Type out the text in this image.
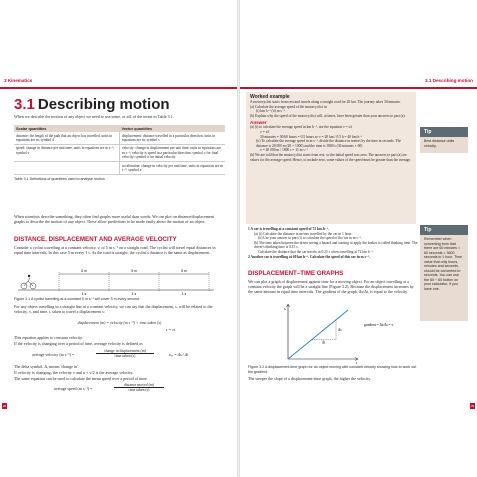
3 Kinematics
3.1 Describing motion
When we describe the motion of any object we need to use some, or all, of the terms in Table 3.1.
Scalar quantities	Vector quantities
distance: the length of the path that an object has travelled, units in equations are m; symbol d	displacement: distance travelled in a particular direction, units in equations are m; symbol s
speed: change in distance per unit time, units in equations are m s⁻¹; symbol v	velocity: change in displacement per unit time, units in equations are m s⁻¹; velocity is speed in a particular direction; symbol v for final velocity; symbol u for initial velocity
	acceleration: change in velocity per unit time, units in equations are m s⁻²; symbol a
Table 3.1 Definitions of quantities used to analyse motion
When scientists describe something, they often find graphs more useful than words. We can plot on distance/displacement graphs to describe the motion of any object. These allow predictions to be made easily about the motion of an object.
DISTANCE, DISPLACEMENT AND AVERAGE VELOCITY
Consider a cyclist travelling at a constant velocity, v, of 5 m s⁻¹ on a straight road. The cyclist will travel equal distances in equal time intervals. In this case 5 m every 1 s. As the road is straight, the cyclist's distance is the same as displacement.
5 m	5 m	5 m
1 s	1 s	1 s
Figure 3.1 A cyclist travelling at a constant 5 m s⁻¹ will cover 5 m every second.
For any object travelling in a straight line at a constant velocity, we can say that the displacement, s, will be related to the velocity, v, and time, t, taken to travel a displacement s:
displacement (m) = velocity (m s⁻¹) × time taken (s)
s = vt
This equation applies to constant velocity.
If the velocity is changing over a period of time, average velocity is defined as
average velocity (m s⁻¹) =
change in displacement (m)
time taken (s)	vₐᵥ = Δs / Δt
The delta symbol, Δ, means 'change in'.
If velocity is changing, the velocity v and u + v/2 is the average velocity.
The same equation can be used to calculate the mean speed over a period of time:
average speed (m s⁻¹) =
distance moved (m)
time taken (s)
28
3.1 Describing motion
Worked example
A motorcyclist starts from rest and travels along a straight road for 20 km. The journey takes 30 minutes.
(a) Calculate the average speed of the motorcyclist in
(i) km h⁻¹ (ii) m s⁻¹.
(b) Explain why the speed of the motorcyclist will, at times, have been greater than your answers to part (a).
Answer
(a) (i) to calculate the average speed in km h⁻¹, use the equation v = s/t
v = s/t
30 minutes = 30/60 hours = 0.5 hours so v = 20 km / 0.5 h = 40 km h⁻¹
(ii) To calculate the average speed in m s⁻¹, divide the distance in metres by the time in seconds. The distance is 20 000 m (20 × 1000) and the time is 1800 s (30 minutes × 60)
v = 20 000 m / 1800 s = 11 m s⁻¹
(b) We are told that the motorcyclist starts from rest, so the initial speed was zero. The answers to part (a) are values for the average speed. Hence, to include zero, some values of the speed must be greater than the average.
Tip
Best distance units velocity.
1 A car is travelling at a constant speed of 72 km h⁻¹.
(a) (i) Calculate the distance in metres travelled by the car in 1 hour.
(ii) Use your answer to part (i) to calculate the speed of the car in m s⁻¹.
(b) The time taken between the driver seeing a hazard and starting to apply the brakes is called thinking time. The driver's thinking time is 0.15 s.
Calculate the distance that the car travels in 0.25 s when travelling at 72 km h⁻¹.
2 Another car is travelling at 60 km h⁻¹. Calculate the speed of this car in m s⁻¹.
Tip
Remember when converting from that there are 60 minutes = 60 seconds = 3600 seconds in 1 hour. Time value that only hours, minutes and seconds, should be converted to seconds. You can use the 60 ÷ 60 button on your calculator, if you have one.
DISPLACEMENT–TIME GRAPHS
We can plot a graph of displacement against time for a moving object. For an object travelling at a constant velocity the graph will be a straight line (Figure 3.2). Because the displacement increases by the same amount in equal time intervals. The gradient of the graph, Δs/Δt, is equal to the velocity.
s
t
Δs
Δt
gradient = Δs/Δt = v
Figure 3.2 A displacement-time graph for an object moving with constant velocity showing how to work out the gradient.
The steeper the slope of a displacement-time graph, the higher the velocity.
29
